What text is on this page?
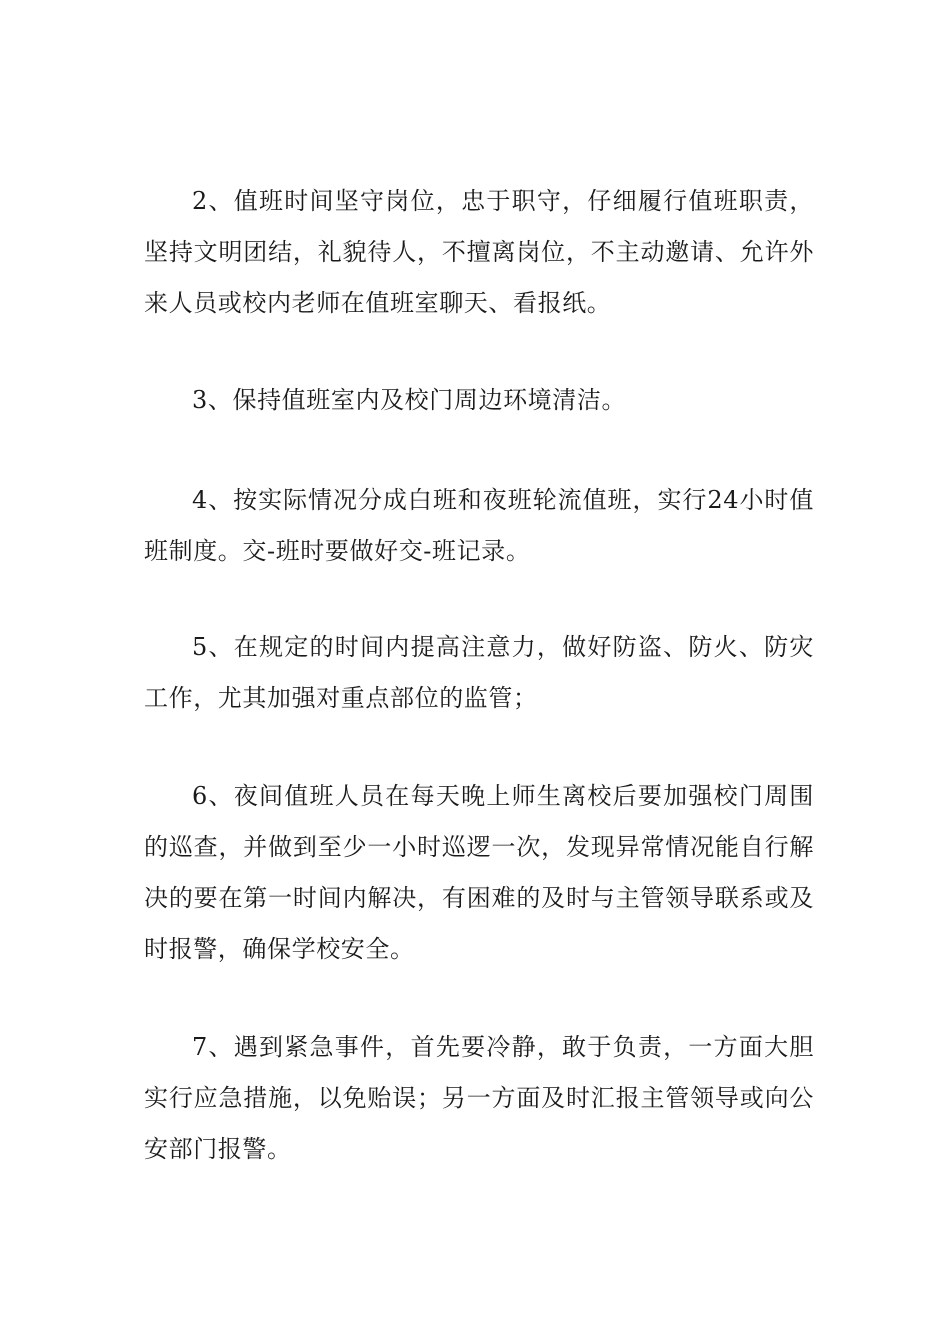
2、值班时间坚守岗位，忠于职守，仔细履行值班职责，坚持文明团结，礼貌待人，不擅离岗位，不主动邀请、允许外来人员或校内老师在值班室聊天、看报纸。

3、保持值班室内及校门周边环境清洁。

4、按实际情况分成白班和夜班轮流值班，实行24小时值班制度。交-班时要做好交-班记录。

5、在规定的时间内提高注意力，做好防盗、防火、防灾工作，尤其加强对重点部位的监管；

6、夜间值班人员在每天晚上师生离校后要加强校门周围的巡查，并做到至少一小时巡逻一次，发现异常情况能自行解决的要在第一时间内解决，有困难的及时与主管领导联系或及时报警，确保学校安全。

7、遇到紧急事件，首先要冷静，敢于负责，一方面大胆实行应急措施，以免贻误；另一方面及时汇报主管领导或向公安部门报警。
